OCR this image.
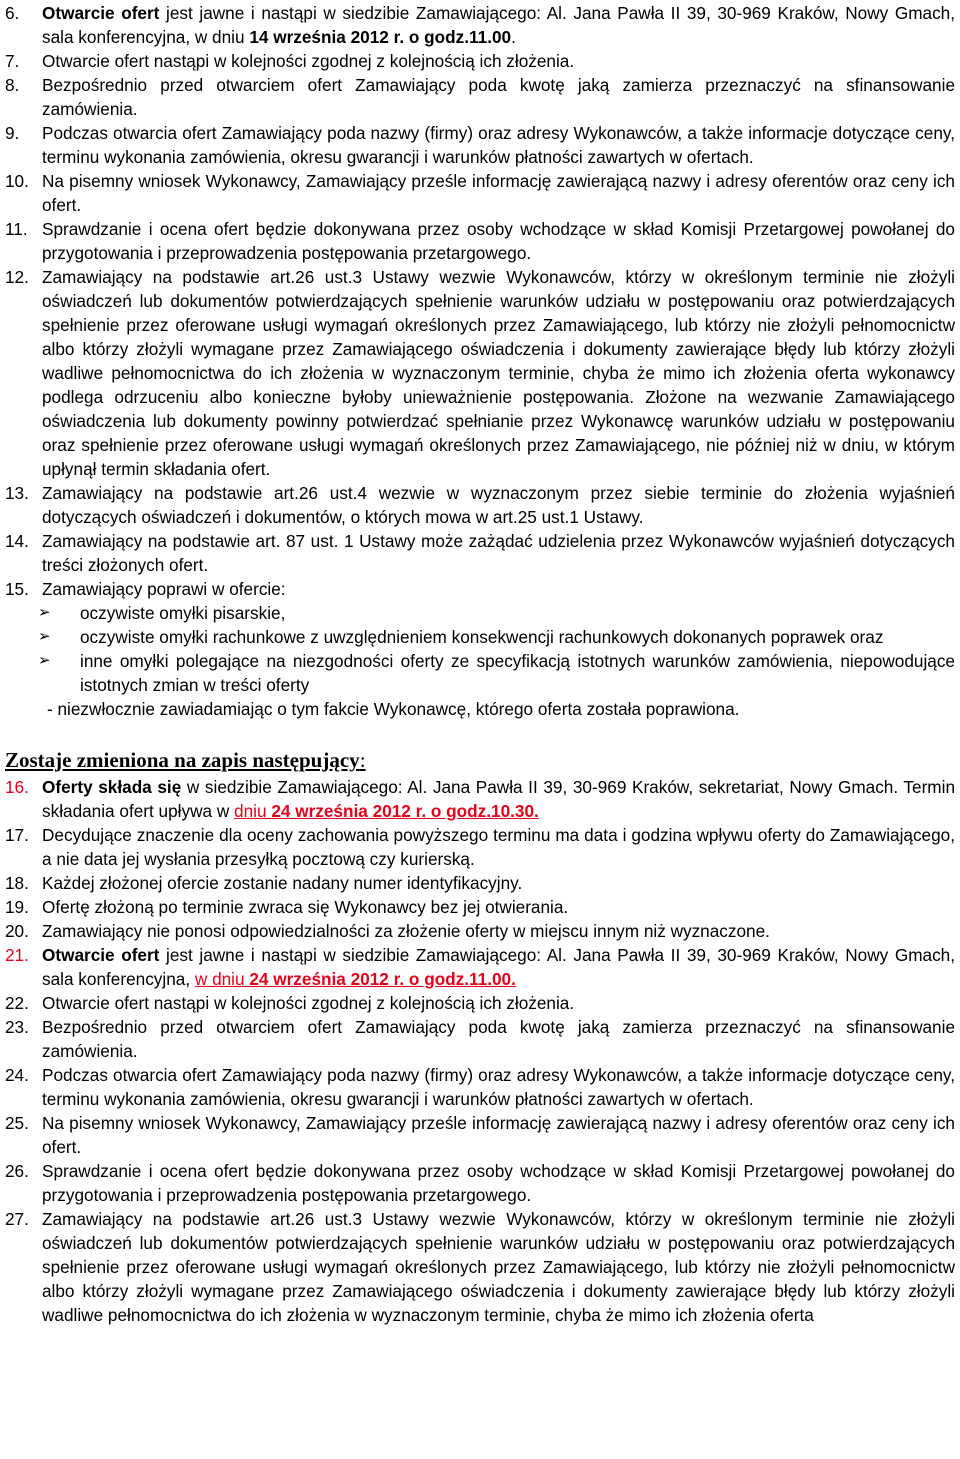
6.	Otwarcie ofert jest jawne i nastąpi w siedzibie Zamawiającego: Al. Jana Pawła II 39, 30-969 Kraków, Nowy Gmach, sala konferencyjna, w dniu 14 września 2012 r. o godz.11.00.
7.	Otwarcie ofert nastąpi w kolejności zgodnej z kolejnością ich złożenia.
8.	Bezpośrednio przed otwarciem ofert Zamawiający poda kwotę jaką zamierza przeznaczyć na sfinansowanie zamówienia.
9.	Podczas otwarcia ofert Zamawiający poda nazwy (firmy) oraz adresy Wykonawców, a także informacje dotyczące ceny, terminu wykonania zamówienia, okresu gwarancji i warunków płatności zawartych w ofertach.
10. Na pisemny wniosek Wykonawcy, Zamawiający prześle informację zawierającą nazwy i adresy oferentów oraz ceny ich ofert.
11. Sprawdzanie i ocena ofert będzie dokonywana przez osoby wchodzące w skład Komisji Przetargowej powołanej do przygotowania i przeprowadzenia postępowania przetargowego.
12. Zamawiający na podstawie art.26 ust.3 Ustawy wezwie Wykonawców, którzy w określonym terminie nie złożyli oświadczeń lub dokumentów potwierdzających spełnienie warunków udziału w postępowaniu oraz potwierdzających spełnienie przez oferowane usługi wymagań określonych przez Zamawiającego, lub którzy nie złożyli pełnomocnictw albo którzy złożyli wymagane przez Zamawiającego oświadczenia i dokumenty zawierające błędy lub którzy złożyli wadliwe pełnomocnictwa do ich złożenia w wyznaczonym terminie, chyba że mimo ich złożenia oferta wykonawcy podlega odrzuceniu albo konieczne byłoby unieważnienie postępowania. Złożone na wezwanie Zamawiającego oświadczenia lub dokumenty powinny potwierdzać spełnianie przez Wykonawcę warunków udziału w postępowaniu oraz spełnienie przez oferowane usługi wymagań określonych przez Zamawiającego, nie później niż w dniu, w którym upłynął termin składania ofert.
13. Zamawiający na podstawie art.26 ust.4 wezwie w wyznaczonym przez siebie terminie do złożenia wyjaśnień dotyczących oświadczeń i dokumentów, o których mowa w art.25 ust.1 Ustawy.
14. Zamawiający na podstawie art. 87 ust. 1 Ustawy może zażądać udzielenia przez Wykonawców wyjaśnień dotyczących treści złożonych ofert.
15. Zamawiający poprawi w ofercie:
➢	oczywiste omyłki pisarskie,
➢	oczywiste omyłki rachunkowe z uwzględnieniem konsekwencji rachunkowych dokonanych poprawek oraz
➢	inne omyłki polegające na niezgodności oferty ze specyfikacją istotnych warunków zamówienia, niepowodujące istotnych zmian w treści oferty
- niezwłocznie zawiadamiając o tym fakcie Wykonawcę, którego oferta została poprawiona.
Zostaje zmieniona na zapis następujący:
16. Oferty składa się w siedzibie Zamawiającego: Al. Jana Pawła II 39, 30-969 Kraków, sekretariat, Nowy Gmach. Termin składania ofert upływa w dniu 24 września 2012 r. o godz.10.30.
17. Decydujące znaczenie dla oceny zachowania powyższego terminu ma data i godzina wpływu oferty do Zamawiającego, a nie data jej wysłania przesyłką pocztową czy kurierską.
18. Każdej złożonej ofercie zostanie nadany numer identyfikacyjny.
19. Ofertę złożoną po terminie zwraca się Wykonawcy bez jej otwierania.
20. Zamawiający nie ponosi odpowiedzialności za złożenie oferty w miejscu innym niż wyznaczone.
21. Otwarcie ofert jest jawne i nastąpi w siedzibie Zamawiającego: Al. Jana Pawła II 39, 30-969 Kraków, Nowy Gmach, sala konferencyjna, w dniu 24 września 2012 r. o godz.11.00.
22. Otwarcie ofert nastąpi w kolejności zgodnej z kolejnością ich złożenia.
23. Bezpośrednio przed otwarciem ofert Zamawiający poda kwotę jaką zamierza przeznaczyć na sfinansowanie zamówienia.
24. Podczas otwarcia ofert Zamawiający poda nazwy (firmy) oraz adresy Wykonawców, a także informacje dotyczące ceny, terminu wykonania zamówienia, okresu gwarancji i warunków płatności zawartych w ofertach.
25. Na pisemny wniosek Wykonawcy, Zamawiający prześle informację zawierającą nazwy i adresy oferentów oraz ceny ich ofert.
26. Sprawdzanie i ocena ofert będzie dokonywana przez osoby wchodzące w skład Komisji Przetargowej powołanej do przygotowania i przeprowadzenia postępowania przetargowego.
27. Zamawiający na podstawie art.26 ust.3 Ustawy wezwie Wykonawców, którzy w określonym terminie nie złożyli oświadczeń lub dokumentów potwierdzających spełnienie warunków udziału w postępowaniu oraz potwierdzających spełnienie przez oferowane usługi wymagań określonych przez Zamawiającego, lub którzy nie złożyli pełnomocnictw albo którzy złożyli wymagane przez Zamawiającego oświadczenia i dokumenty zawierające błędy lub którzy złożyli wadliwe pełnomocnictwa do ich złożenia w wyznaczonym terminie, chyba że mimo ich złożenia oferta
